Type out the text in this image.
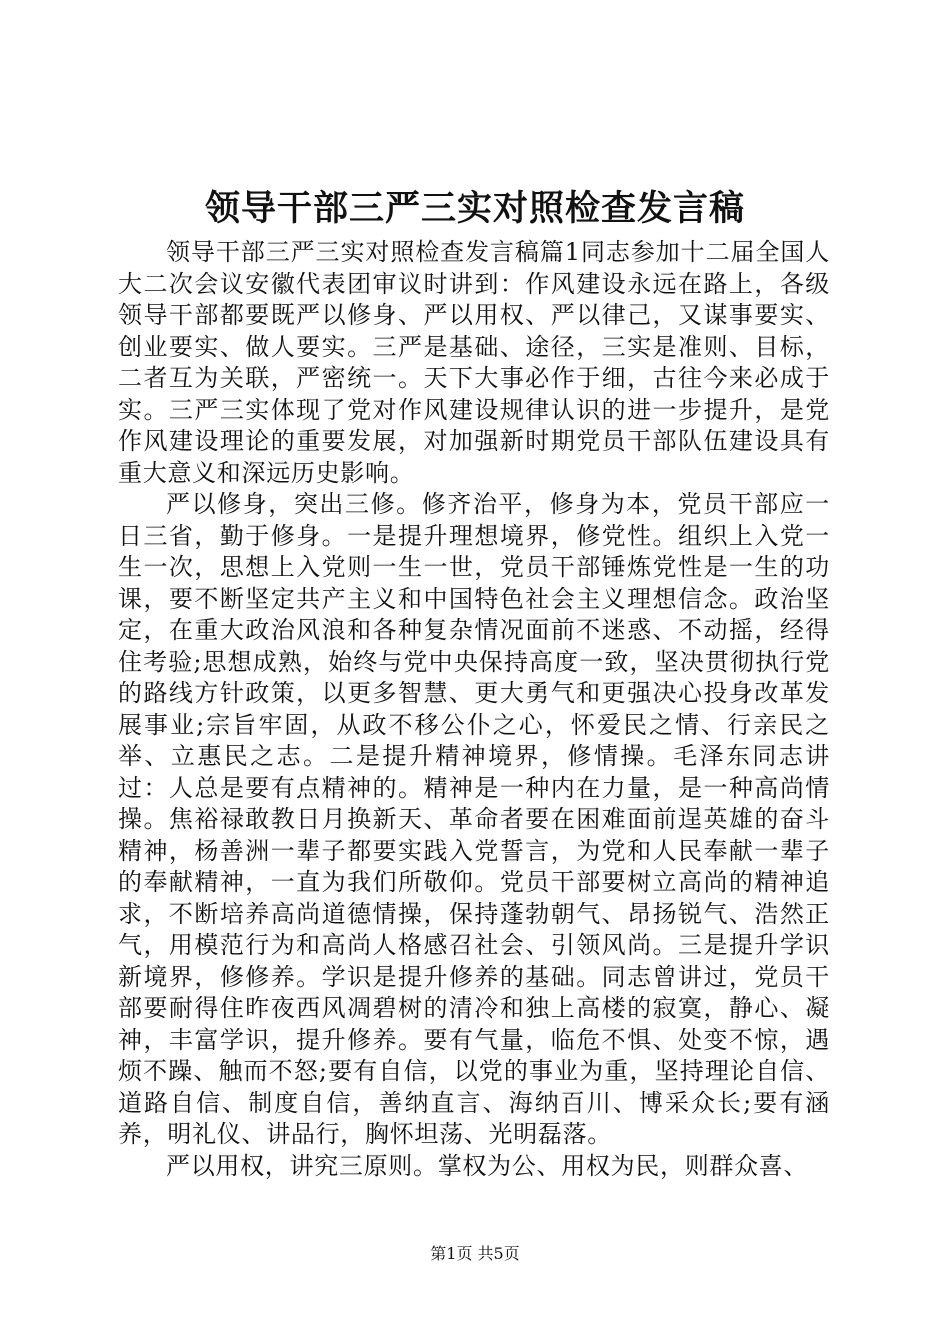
领导干部三严三实对照检查发言稿

领导干部三严三实对照检查发言稿篇1同志参加十二届全国人大二次会议安徽代表团审议时讲到：作风建设永远在路上，各级领导干部都要既严以修身、严以用权、严以律己，又谋事要实、创业要实、做人要实。三严是基础、途径，三实是准则、目标，二者互为关联，严密统一。天下大事必作于细，古往今来必成于实。三严三实体现了党对作风建设规律认识的进一步提升，是党作风建设理论的重要发展，对加强新时期党员干部队伍建设具有重大意义和深远历史影响。

严以修身，突出三修。修齐治平，修身为本，党员干部应一日三省，勤于修身。一是提升理想境界，修党性。组织上入党一生一次，思想上入党则一生一世，党员干部锤炼党性是一生的功课，要不断坚定共产主义和中国特色社会主义理想信念。政治坚定，在重大政治风浪和各种复杂情况面前不迷惑、不动摇，经得住考验;思想成熟，始终与党中央保持高度一致，坚决贯彻执行党的路线方针政策，以更多智慧、更大勇气和更强决心投身改革发展事业;宗旨牢固，从政不移公仆之心，怀爱民之情、行亲民之举、立惠民之志。二是提升精神境界，修情操。毛泽东同志讲过：人总是要有点精神的。精神是一种内在力量，是一种高尚情操。焦裕禄敢教日月换新天、革命者要在困难面前逞英雄的奋斗精神，杨善洲一辈子都要实践入党誓言，为党和人民奉献一辈子的奉献精神，一直为我们所敬仰。党员干部要树立高尚的精神追求，不断培养高尚道德情操，保持蓬勃朝气、昂扬锐气、浩然正气，用模范行为和高尚人格感召社会、引领风尚。三是提升学识新境界，修修养。学识是提升修养的基础。同志曾讲过，党员干部要耐得住昨夜西风凋碧树的清冷和独上高楼的寂寞，静心、凝神，丰富学识，提升修养。要有气量，临危不惧、处变不惊，遇烦不躁、触而不怒;要有自信，以党的事业为重，坚持理论自信、道路自信、制度自信，善纳直言、海纳百川、博采众长;要有涵养，明礼仪、讲品行，胸怀坦荡、光明磊落。

严以用权，讲究三原则。掌权为公、用权为民，则群众喜、

第1页 共5页
